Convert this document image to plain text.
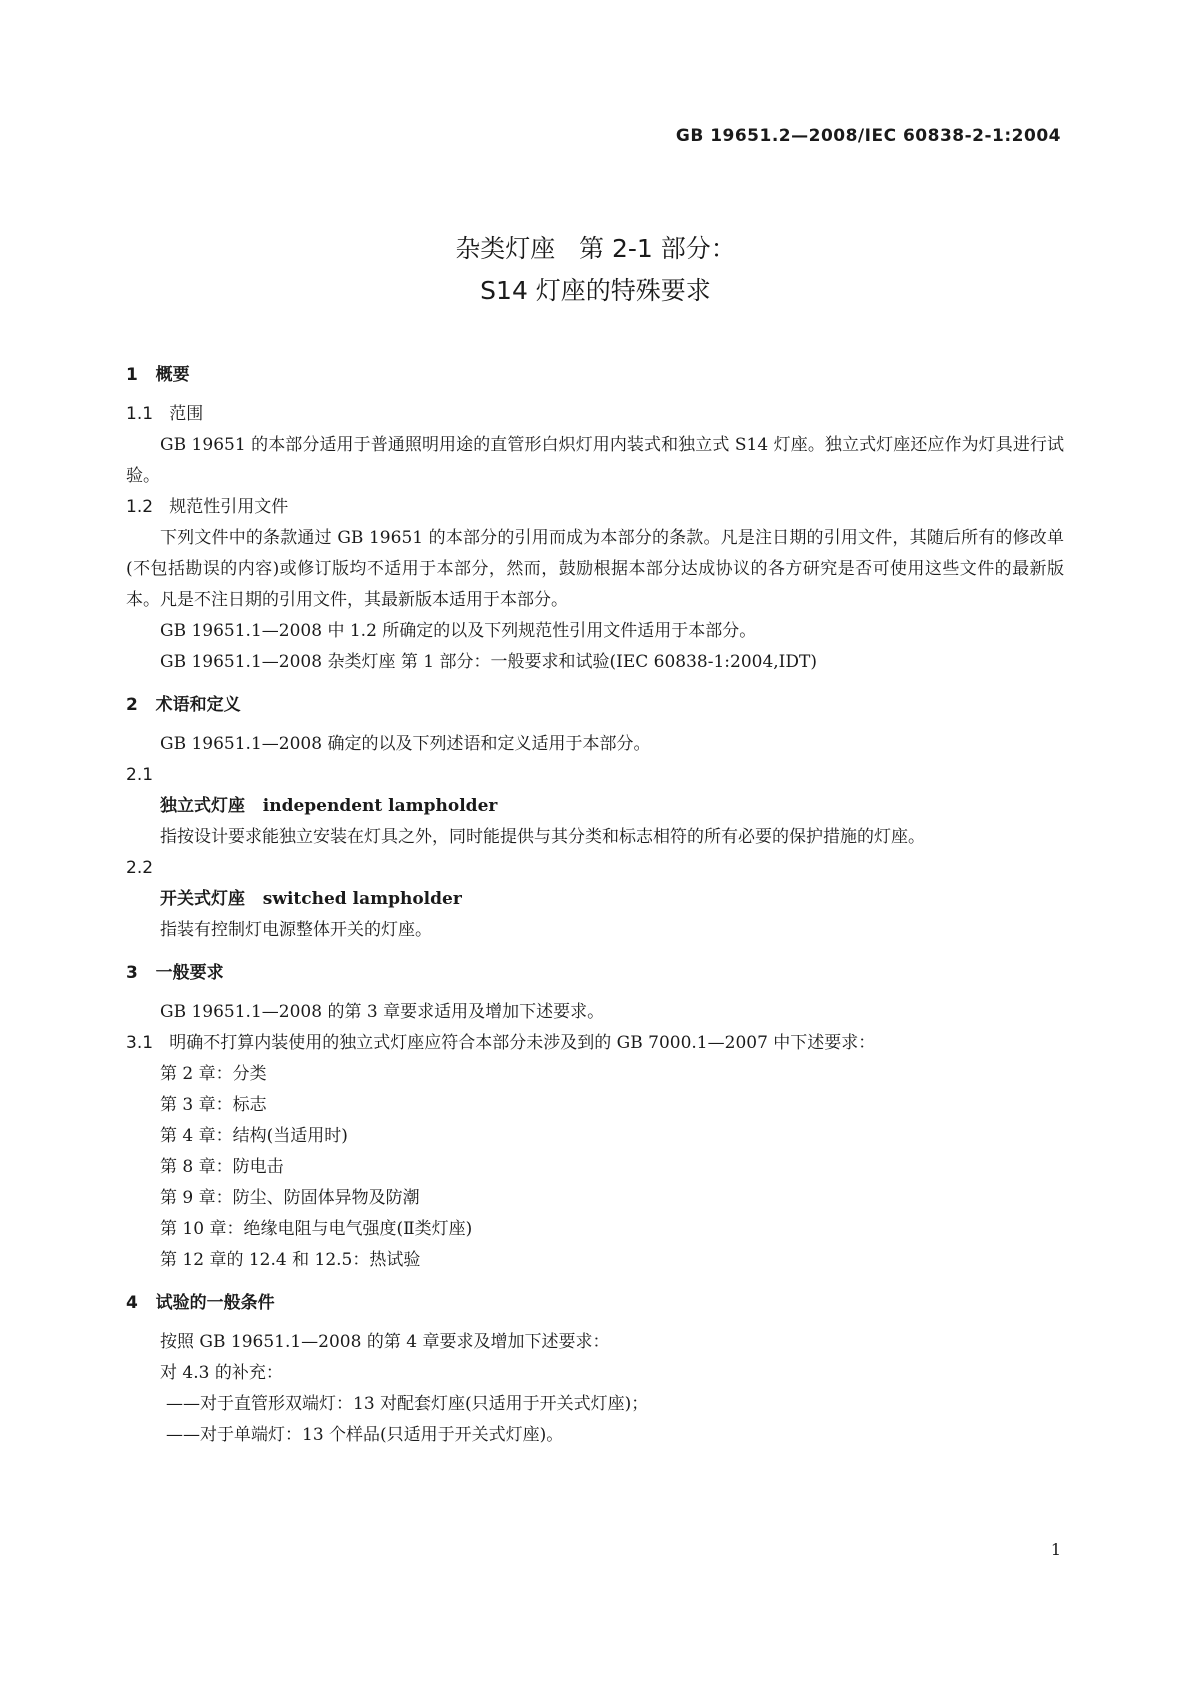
GB 19651.2—2008/IEC 60838-2-1:2004
杂类灯座   第 2-1 部分：
S14 灯座的特殊要求
1   概要
1.1   范围
GB 19651 的本部分适用于普通照明用途的直管形白炽灯用内装式和独立式 S14 灯座。独立式灯座还应作为灯具进行试验。
1.2   规范性引用文件
下列文件中的条款通过 GB 19651 的本部分的引用而成为本部分的条款。凡是注日期的引用文件，其随后所有的修改单(不包括勘误的内容)或修订版均不适用于本部分，然而，鼓励根据本部分达成协议的各方研究是否可使用这些文件的最新版本。凡是不注日期的引用文件，其最新版本适用于本部分。
GB 19651.1—2008 中 1.2 所确定的以及下列规范性引用文件适用于本部分。
GB 19651.1—2008 杂类灯座 第 1 部分：一般要求和试验(IEC 60838-1:2004,IDT)
2   术语和定义
GB 19651.1—2008 确定的以及下列述语和定义适用于本部分。
2.1
独立式灯座 independent lampholder
指按设计要求能独立安装在灯具之外，同时能提供与其分类和标志相符的所有必要的保护措施的灯座。
2.2
开关式灯座 switched lampholder
指装有控制灯电源整体开关的灯座。
3   一般要求
GB 19651.1—2008 的第 3 章要求适用及增加下述要求。
3.1 明确不打算内装使用的独立式灯座应符合本部分未涉及到的 GB 7000.1—2007 中下述要求：
第 2 章：分类
第 3 章：标志
第 4 章：结构(当适用时)
第 8 章：防电击
第 9 章：防尘、防固体异物及防潮
第 10 章：绝缘电阻与电气强度(Ⅱ类灯座)
第 12 章的 12.4 和 12.5：热试验
4   试验的一般条件
按照 GB 19651.1—2008 的第 4 章要求及增加下述要求：
对 4.3 的补充：
——对于直管形双端灯：13 对配套灯座(只适用于开关式灯座)；
——对于单端灯：13 个样品(只适用于开关式灯座)。
1
